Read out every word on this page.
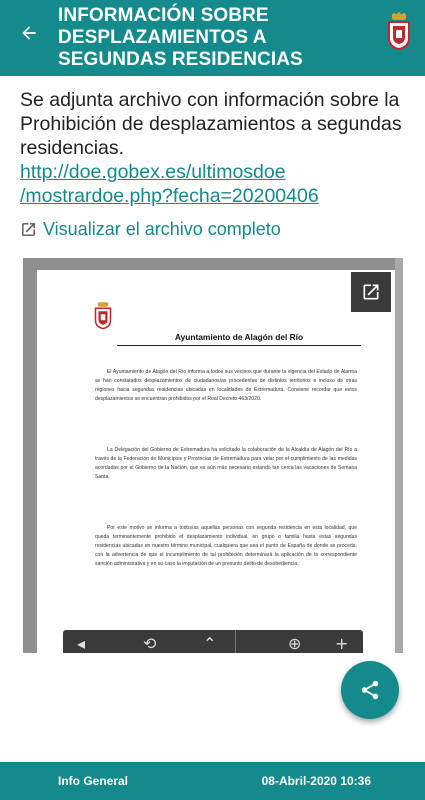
INFORMACIÓN SOBRE DESPLAZAMIENTOS A SEGUNDAS RESIDENCIAS

Se adjunta archivo con información sobre la Prohibición de desplazamientos a segundas residencias.

http://doe.gobex.es/ultimosdoe
/mostrardoe.php?fecha=20200406
Visualizar el archivo completo
Ayuntamiento de Alagón del Río

El Ayuntamiento de Alagón del Río informa a todos sus vecinos que durante la vigencia del Estado de Alarma se han constatados desplazamientos de ciudadanos/as procedentes de distintos territorios e incluso de otras regiones hacia segundas residencias ubicadas en localidades de Extremadura. Conviene recordar que estos desplazamientos se encuentran prohibidos por el Real Decreto 463/2020.

La Delegación del Gobierno de Extremadura ha solicitado la colaboración de la Alcaldía de Alagón del Río a través de la Federación de Municipios y Provincias de Extremadura para velar por el cumplimiento de las medidas acordadas por el Gobierno de la Nación, que es aún más necesario estando tan cerca las vacaciones de Semana Santa.

Por este motivo se informa a todos/as aquellas personas con segunda residencia en esta localidad, que queda terminantemente prohibido el desplazamiento individual, en grupo o familia hasta estas segundas residencias ubicadas en nuestro término municipal, cualquiera que sea el punto de España de donde se proceda, con la advertencia de que el incumplimiento de tal prohibición determinará la aplicación de la correspondiente sanción administrativa y en su caso la imputación de un presunto delito de desobediencia.

◂	⟲	⌃	⊕ +
Info General	08-Abril-2020 10:36
